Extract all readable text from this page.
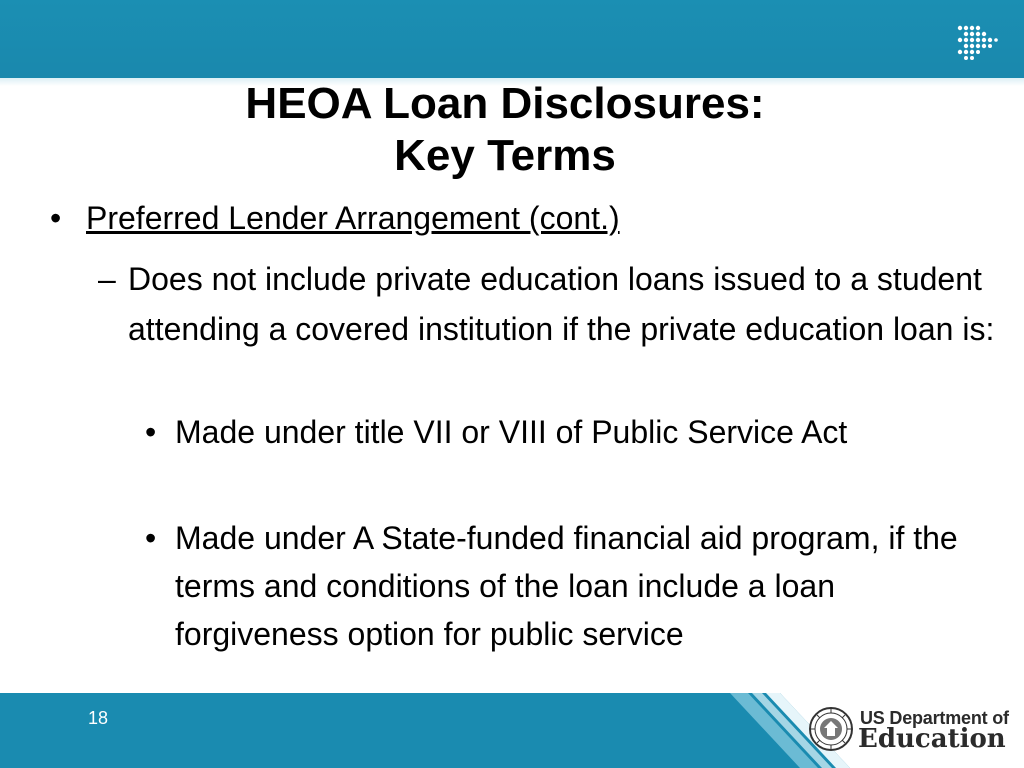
HEOA Loan Disclosures:
Key Terms
• Preferred Lender Arrangement (cont.)
– Does not include private education loans issued to a student attending a covered institution if the private education loan is:
• Made under title VII or VIII of Public Service Act
• Made under A State-funded financial aid program, if the terms and conditions of the loan include a loan forgiveness option for public service
18	US Department of
Education
